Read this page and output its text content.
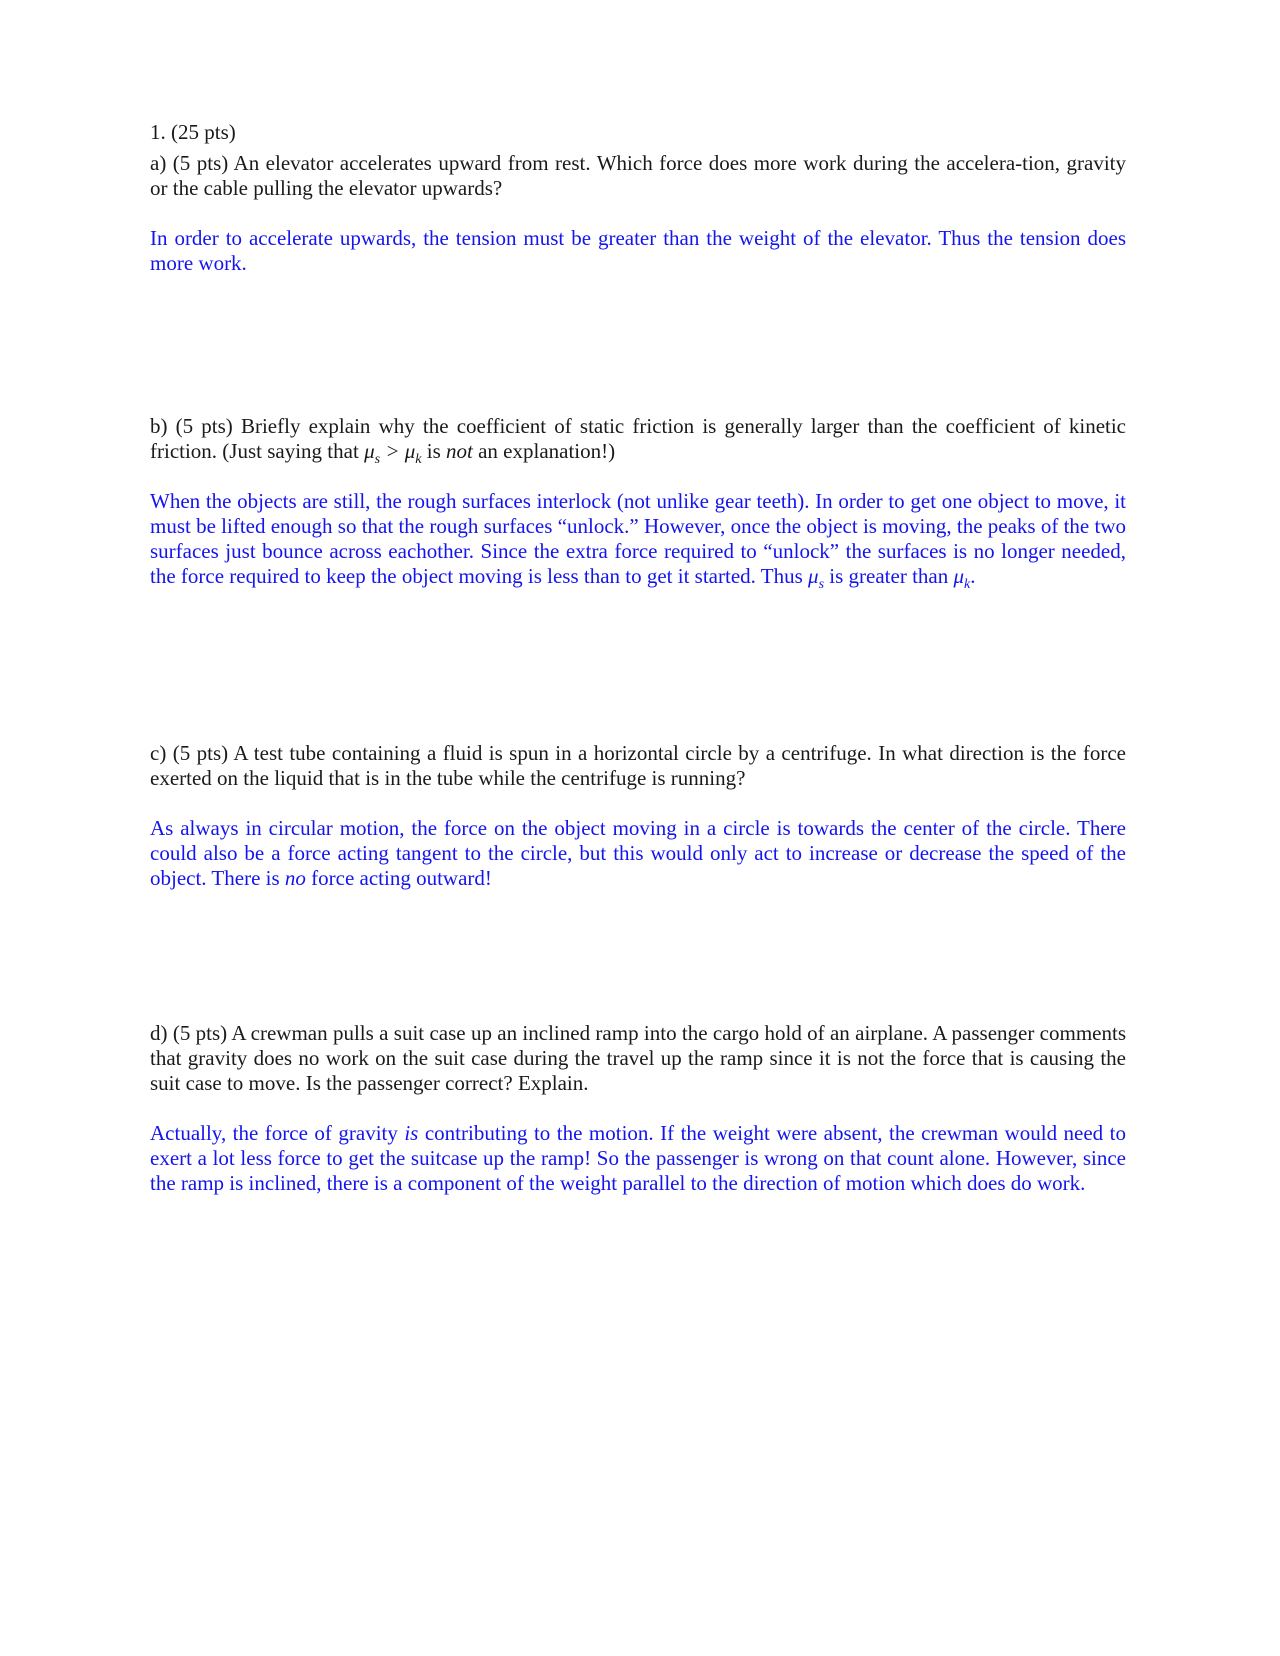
1. (25 pts)

a) (5 pts) An elevator accelerates upward from rest. Which force does more work during the accelera-tion, gravity or the cable pulling the elevator upwards?

In order to accelerate upwards, the tension must be greater than the weight of the elevator. Thus the tension does more work.

b) (5 pts) Briefly explain why the coefficient of static friction is generally larger than the coefficient of kinetic friction. (Just saying that $\mu_s > \mu_k$ is not an explanation!)

When the objects are still, the rough surfaces interlock (not unlike gear teeth). In order to get one object to move, it must be lifted enough so that the rough surfaces “unlock.” However, once the object is moving, the peaks of the two surfaces just bounce across eachother. Since the extra force required to “unlock” the surfaces is no longer needed, the force required to keep the object moving is less than to get it started. Thus $\mu_s$ is greater than $\mu_k$.

c) (5 pts) A test tube containing a fluid is spun in a horizontal circle by a centrifuge. In what direction is the force exerted on the liquid that is in the tube while the centrifuge is running?

As always in circular motion, the force on the object moving in a circle is towards the center of the circle. There could also be a force acting tangent to the circle, but this would only act to increase or decrease the speed of the object. There is no force acting outward!

d) (5 pts) A crewman pulls a suit case up an inclined ramp into the cargo hold of an airplane. A passenger comments that gravity does no work on the suit case during the travel up the ramp since it is not the force that is causing the suit case to move. Is the passenger correct? Explain.

Actually, the force of gravity is contributing to the motion. If the weight were absent, the crewman would need to exert a lot less force to get the suitcase up the ramp! So the passenger is wrong on that count alone. However, since the ramp is inclined, there is a component of the weight parallel to the direction of motion which does do work.
